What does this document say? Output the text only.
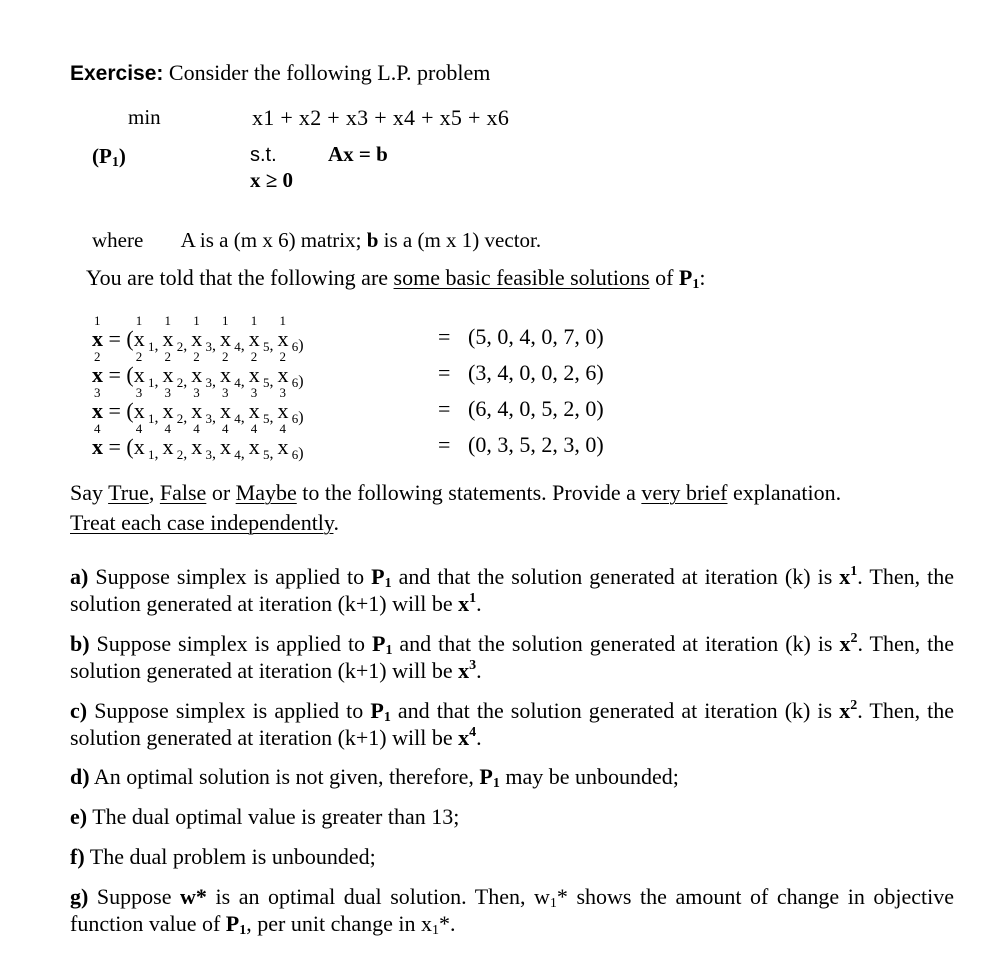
Exercise: Consider the following L.P. problem
min	x1 + x2 + x3 + x4 + x5 + x6
$(P_1)$	s.t. Ax = b
x ≥ 0
where A is a (m x 6) matrix; b is a (m x 1) vector.
You are told that the following are some basic feasible solutions of $P_1$:
1
x = (
1
x $_1$,
1
x $_2$,
1
x $_3$,
1
x $_4$,
1
x $_5$,
1
x $_6$)	= (5, 0, 4, 0, 7, 0)
2
x = (
2
x $_1$,
2
x $_2$,
2
x $_3$,
2
x $_4$,
2
x $_5$,
2
x $_6$)	= (3, 4, 0, 0, 2, 6)
3
x = (
3
x $_1$,
3
x $_2$,
3
x $_3$,
3
x $_4$,
3
x $_5$,
3
x $_6$)	= (6, 4, 0, 5, 2, 0)
4
x = (
4
x $_1$,
4
x $_2$,
4
x $_3$,
4
x $_4$,
4
x $_5$,
4
x $_6$)	= (0, 3, 5, 2, 3, 0)
Say True, False or Maybe to the following statements. Provide a very brief explanation.
Treat each case independently.
a) Suppose simplex is applied to $P_1$ and that the solution generated at iteration (k) is $x^1$. Then, the solution generated at iteration (k+1) will be $x^1$.
b) Suppose simplex is applied to $P_1$ and that the solution generated at iteration (k) is $x^2$. Then, the solution generated at iteration (k+1) will be $x^3$.
c) Suppose simplex is applied to $P_1$ and that the solution generated at iteration (k) is $x^2$. Then, the solution generated at iteration (k+1) will be $x^4$.
d) An optimal solution is not given, therefore, $P_1$ may be unbounded;
e) The dual optimal value is greater than 13;
f) The dual problem is unbounded;
g) Suppose w* is an optimal dual solution. Then, $w_1*$ shows the amount of change in objective function value of $P_1$, per unit change in $x_1*$.
